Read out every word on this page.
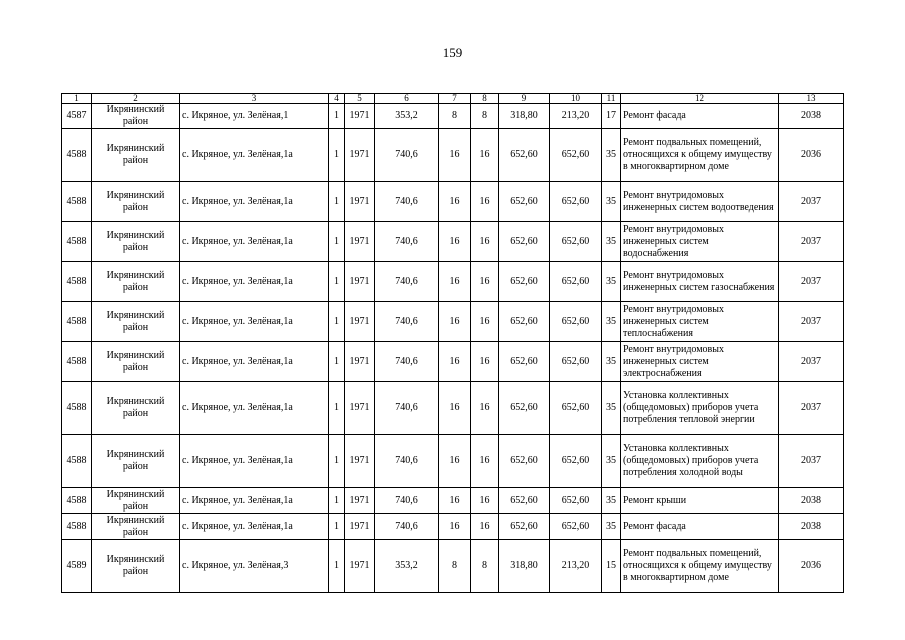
159
1	2	3	4	5	6	7	8	9	10	11	12	13
4587	Икрянинский район	с. Икряное, ул. Зелёная,1	1	1971	353,2	8	8	318,80	213,20	17	Ремонт фасада	2038
4588	Икрянинский район	с. Икряное, ул. Зелёная,1а	1	1971	740,6	16	16	652,60	652,60	35	Ремонт подвальных помещений, относящихся к общему имуществу в многоквартирном доме	2036
4588	Икрянинский район	с. Икряное, ул. Зелёная,1а	1	1971	740,6	16	16	652,60	652,60	35	Ремонт внутридомовых инженерных систем водоотведения	2037
4588	Икрянинский район	с. Икряное, ул. Зелёная,1а	1	1971	740,6	16	16	652,60	652,60	35	Ремонт внутридомовых инженерных систем водоснабжения	2037
4588	Икрянинский район	с. Икряное, ул. Зелёная,1а	1	1971	740,6	16	16	652,60	652,60	35	Ремонт внутридомовых инженерных систем газоснабжения	2037
4588	Икрянинский район	с. Икряное, ул. Зелёная,1а	1	1971	740,6	16	16	652,60	652,60	35	Ремонт внутридомовых инженерных систем теплоснабжения	2037
4588	Икрянинский район	с. Икряное, ул. Зелёная,1а	1	1971	740,6	16	16	652,60	652,60	35	Ремонт внутридомовых инженерных систем электроснабжения	2037
4588	Икрянинский район	с. Икряное, ул. Зелёная,1а	1	1971	740,6	16	16	652,60	652,60	35	Установка коллективных (общедомовых) приборов учета потребления тепловой энергии	2037
4588	Икрянинский район	с. Икряное, ул. Зелёная,1а	1	1971	740,6	16	16	652,60	652,60	35	Установка коллективных (общедомовых) приборов учета потребления холодной воды	2037
4588	Икрянинский район	с. Икряное, ул. Зелёная,1а	1	1971	740,6	16	16	652,60	652,60	35	Ремонт крыши	2038
4588	Икрянинский район	с. Икряное, ул. Зелёная,1а	1	1971	740,6	16	16	652,60	652,60	35	Ремонт фасада	2038
4589	Икрянинский район	с. Икряное, ул. Зелёная,3	1	1971	353,2	8	8	318,80	213,20	15	Ремонт подвальных помещений, относящихся к общему имуществу в многоквартирном доме	2036
